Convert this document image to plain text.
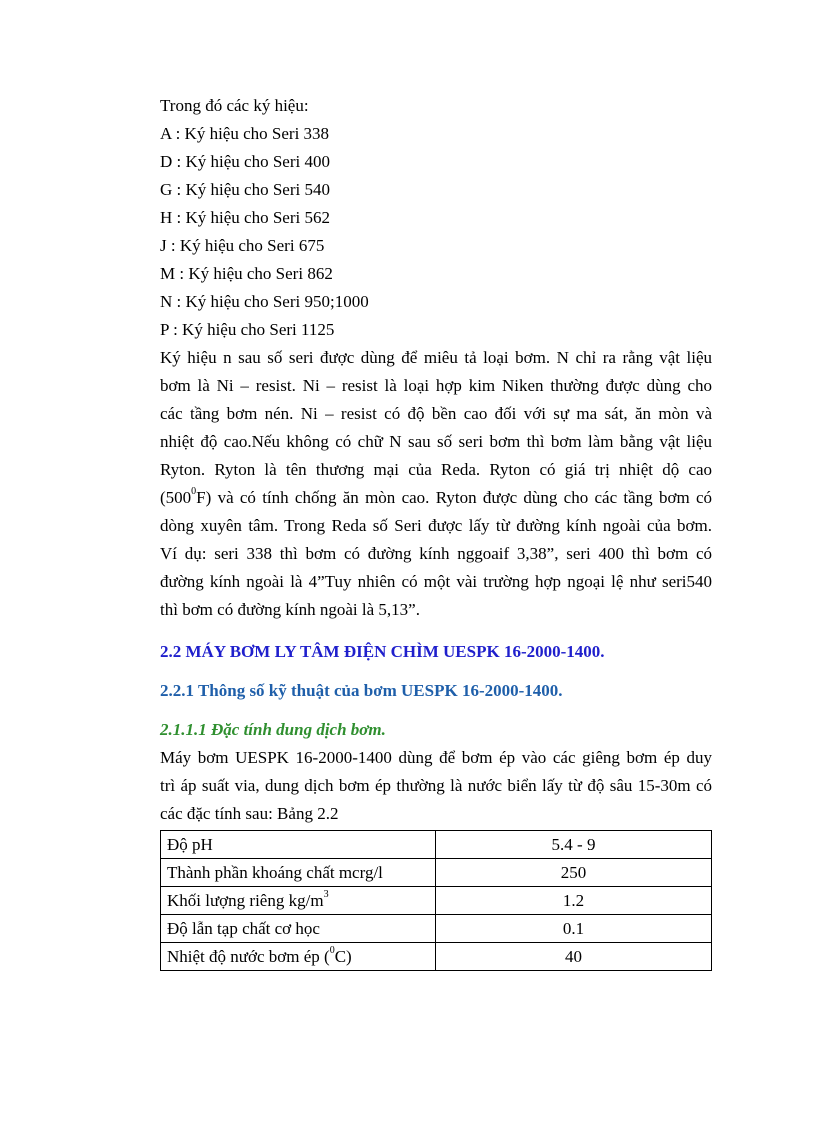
Trong đó các ký hiệu:
A : Ký hiệu cho Seri 338
D : Ký hiệu cho Seri 400
G : Ký hiệu cho Seri 540
H : Ký hiệu cho Seri 562
J : Ký hiệu cho Seri 675
M : Ký hiệu cho Seri 862
N : Ký hiệu cho Seri 950;1000
P : Ký hiệu cho Seri 1125
Ký hiệu n sau số seri được dùng để miêu tả loại bơm. N chỉ ra rằng vật liệu
bơm là Ni – resist. Ni – resist là loại hợp kim Niken thường được dùng cho
các tầng bơm nén. Ni – resist có độ bền cao đối với sự ma sát, ăn mòn và
nhiệt độ cao.Nếu không có chữ N sau số seri bơm thì bơm làm bằng vật liệu
Ryton. Ryton là tên thương mại của Reda. Ryton có giá trị nhiệt dộ cao
$(500^0F)$ và có tính chống ăn mòn cao. Ryton được dùng cho các tầng bơm có
dòng xuyên tâm. Trong Reda số Seri được lấy từ đường kính ngoài của bơm.
Ví dụ: seri 338 thì bơm có đường kính nggoaif 3,38”, seri 400 thì bơm có
đường kính ngoài là 4”Tuy nhiên có một vài trường hợp ngoại lệ như seri540
thì bơm có đường kính ngoài là 5,13”.
2.2 MÁY BƠM LY TÂM ĐIỆN CHÌM UESPK 16-2000-1400.
2.2.1 Thông số kỹ thuật của bơm UESPK 16-2000-1400.
2.1.1.1 Đặc tính dung dịch bơm.
Máy bơm UESPK 16-2000-1400 dùng để bơm ép vào các giêng bơm ép duy
trì áp suất via, dung dịch bơm ép thường là nước biển lấy từ độ sâu 15-30m có
các đặc tính sau: Bảng 2.2
Độ pH	5.4 - 9
Thành phần khoáng chất mcrg/l	250
Khối lượng riêng $kg/m^3$	1.2
Độ lẫn tạp chất cơ học	0.1
Nhiệt độ nước bơm ép ($^0$C)	40
